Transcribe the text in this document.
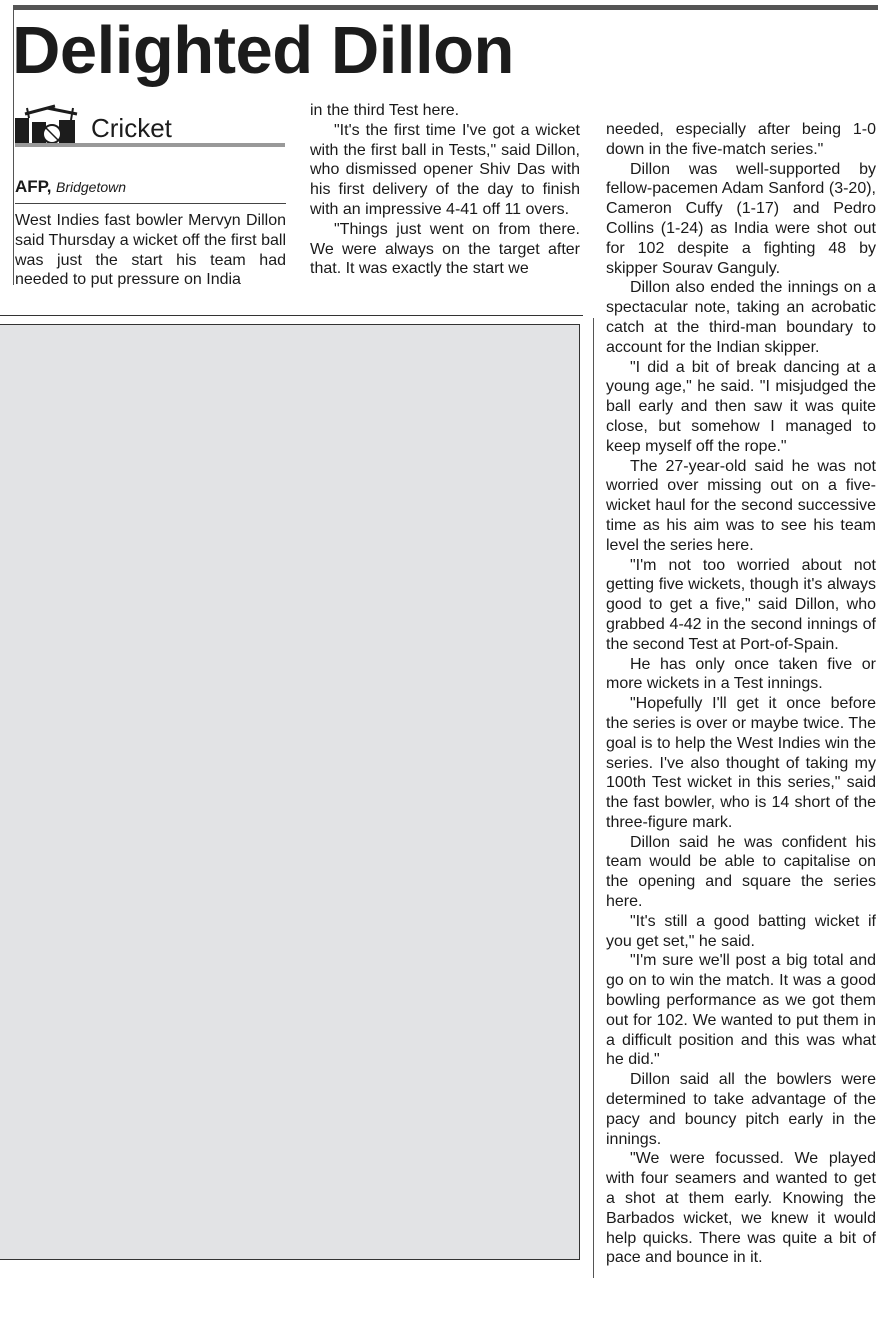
Delighted Dillon
Cricket
AFP, Bridgetown

West Indies fast bowler Mervyn Dillon said Thursday a wicket off the first ball was just the start his team had needed to put pressure on India

in the third Test here.

"It's the first time I've got a wicket with the first ball in Tests," said Dillon, who dismissed opener Shiv Das with his first delivery of the day to finish with an impressive 4-41 off 11 overs.

"Things just went on from there. We were always on the target after that. It was exactly the start we

needed, especially after being 1-0 down in the five-match series."

Dillon was well-supported by fellow-pacemen Adam Sanford (3-20), Cameron Cuffy (1-17) and Pedro Collins (1-24) as India were shot out for 102 despite a fighting 48 by skipper Sourav Ganguly.

Dillon also ended the innings on a spectacular note, taking an acrobatic catch at the third-man boundary to account for the Indian skipper.

"I did a bit of break dancing at a young age," he said. "I misjudged the ball early and then saw it was quite close, but somehow I managed to keep myself off the rope."

The 27-year-old said he was not worried over missing out on a five-wicket haul for the second successive time as his aim was to see his team level the series here.

"I'm not too worried about not getting five wickets, though it's always good to get a five," said Dillon, who grabbed 4-42 in the second innings of the second Test at Port-of-Spain.

He has only once taken five or more wickets in a Test innings.

"Hopefully I'll get it once before the series is over or maybe twice. The goal is to help the West Indies win the series. I've also thought of taking my 100th Test wicket in this series," said the fast bowler, who is 14 short of the three-figure mark.

Dillon said he was confident his team would be able to capitalise on the opening and square the series here.

"It's still a good batting wicket if you get set," he said.

"I'm sure we'll post a big total and go on to win the match. It was a good bowling performance as we got them out for 102. We wanted to put them in a difficult position and this was what he did."

Dillon said all the bowlers were determined to take advantage of the pacy and bouncy pitch early in the innings.

"We were focussed. We played with four seamers and wanted to get a shot at them early. Knowing the Barbados wicket, we knew it would help quicks. There was quite a bit of pace and bounce in it.
